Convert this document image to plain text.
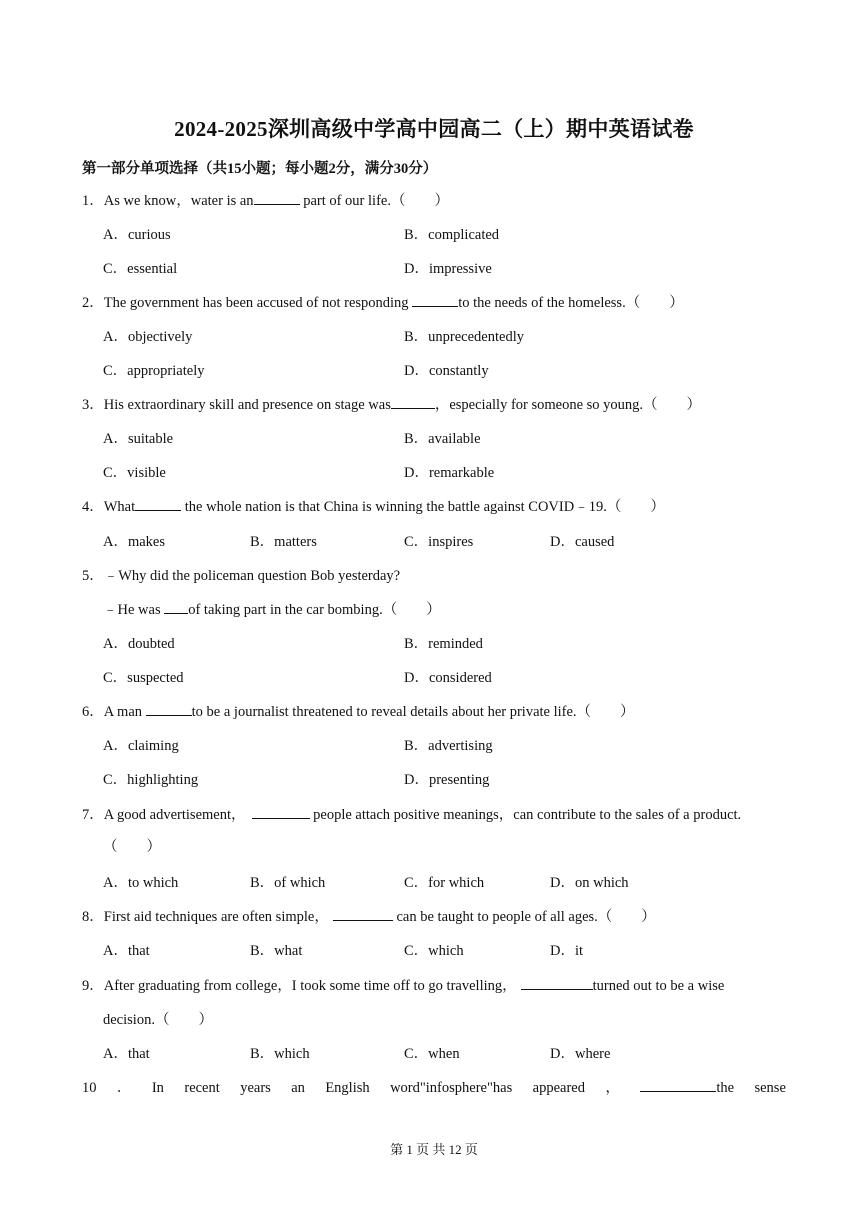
2024-2025深圳高级中学高中园高二（上）期中英语试卷
第一部分单项选择（共15小题；每小题2分，满分30分）
1．As we know，water is an	part of our life.（　　）
A．curious	B．complicated
C．essential	D．impressive
2．The government has been accused of not responding	to the needs of the homeless.（　　）
A．objectively	B．unprecedentedly
C．appropriately	D．constantly
3．His extraordinary skill and presence on stage was	，especially for someone so young.（　　）
A．suitable	B．available
C．visible	D．remarkable
4．What	the whole nation is that China is winning the battle against COVID﹣19.（　　）
A．makes	B．matters	C．inspires	D．caused
5．﹣Why did the policeman question Bob yesterday?
﹣He was of taking part in the car bombing.（　　）
A．doubted	B．reminded
C．suspected	D．considered
6．A man	to be a journalist threatened to reveal details about her private life.（　　）
A．claiming	B．advertising
C．highlighting	D．presenting
7．A good advertisement，	people attach positive meanings，can contribute to the sales of a product.
（　　）
A．to which	B．of which	C．for which	D．on which
8．First aid techniques are often simple，	can be taught to people of all ages.（　　）
A．that	B．what	C．which	D．it
9．After graduating from college，I took some time off to go travelling，	turned out to be a wise
decision.（　　）
A．that	B．which	C．when	D．where
10 ． In recent years an English word"infosphere"has appeared ，	the sense
第 1 页 共 12 页
